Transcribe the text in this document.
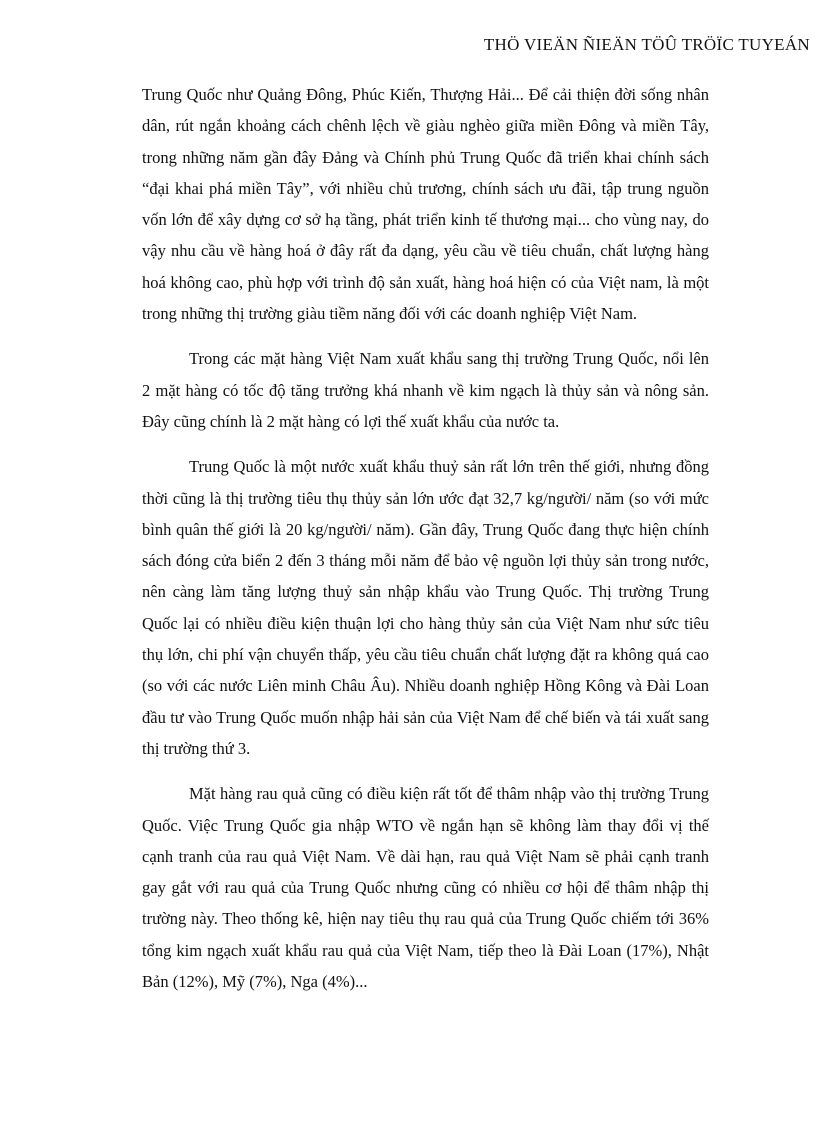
THÖ VIEÄN ÑIEÄN TÖÛ TRÖÏC TUYEÁN

Trung Quốc như Quảng Đông, Phúc Kiến, Thượng Hải... Để cải thiện đời sống nhân dân, rút ngắn khoảng cách chênh lệch về giàu nghèo giữa miền Đông và miền Tây, trong những năm gần đây Đảng và Chính phủ Trung Quốc đã triển khai chính sách “đại khai phá miền Tây”, với nhiều chủ trương, chính sách ưu đãi, tập trung nguồn vốn lớn để xây dựng cơ sở hạ tầng, phát triển kinh tế thương mại... cho vùng nay, do vậy nhu cầu về hàng hoá ở đây rất đa dạng, yêu cầu về tiêu chuẩn, chất lượng hàng hoá không cao, phù hợp với trình độ sản xuất, hàng hoá hiện có của Việt nam, là một trong những thị trường giàu tiềm năng đối với các doanh nghiệp Việt Nam.

Trong các mặt hàng Việt Nam xuất khẩu sang thị trường Trung Quốc, nổi lên 2 mặt hàng có tốc độ tăng trưởng khá nhanh về kim ngạch là thủy sản và nông sản. Đây cũng chính là 2 mặt hàng có lợi thế xuất khẩu của nước ta.

Trung Quốc là một nước xuất khẩu thuỷ sản rất lớn trên thế giới, nhưng đồng thời cũng là thị trường tiêu thụ thủy sản lớn ước đạt 32,7 kg/người/ năm (so với mức bình quân thế giới là 20 kg/người/ năm). Gần đây, Trung Quốc đang thực hiện chính sách đóng cửa biển 2 đến 3 tháng mỗi năm để bảo vệ nguồn lợi thủy sản trong nước, nên càng làm tăng lượng thuỷ sản nhập khẩu vào Trung Quốc. Thị trường Trung Quốc lại có nhiều điều kiện thuận lợi cho hàng thủy sản của Việt Nam như sức tiêu thụ lớn, chi phí vận chuyển thấp, yêu cầu tiêu chuẩn chất lượng đặt ra không quá cao (so với các nước Liên minh Châu Âu). Nhiều doanh nghiệp Hồng Kông và Đài Loan đầu tư vào Trung Quốc muốn nhập hải sản của Việt Nam để chế biến và tái xuất sang thị trường thứ 3.

Mặt hàng rau quả cũng có điều kiện rất tốt để thâm nhập vào thị trường Trung Quốc. Việc Trung Quốc gia nhập WTO về ngắn hạn sẽ không làm thay đổi vị thế cạnh tranh của rau quả Việt Nam. Về dài hạn, rau quả Việt Nam sẽ phải cạnh tranh gay gắt với rau quả của Trung Quốc nhưng cũng có nhiều cơ hội để thâm nhập thị trường này. Theo thống kê, hiện nay tiêu thụ rau quả của Trung Quốc chiếm tới 36% tổng kim ngạch xuất khẩu rau quả của Việt Nam, tiếp theo là Đài Loan (17%), Nhật Bản (12%), Mỹ (7%), Nga (4%)...
